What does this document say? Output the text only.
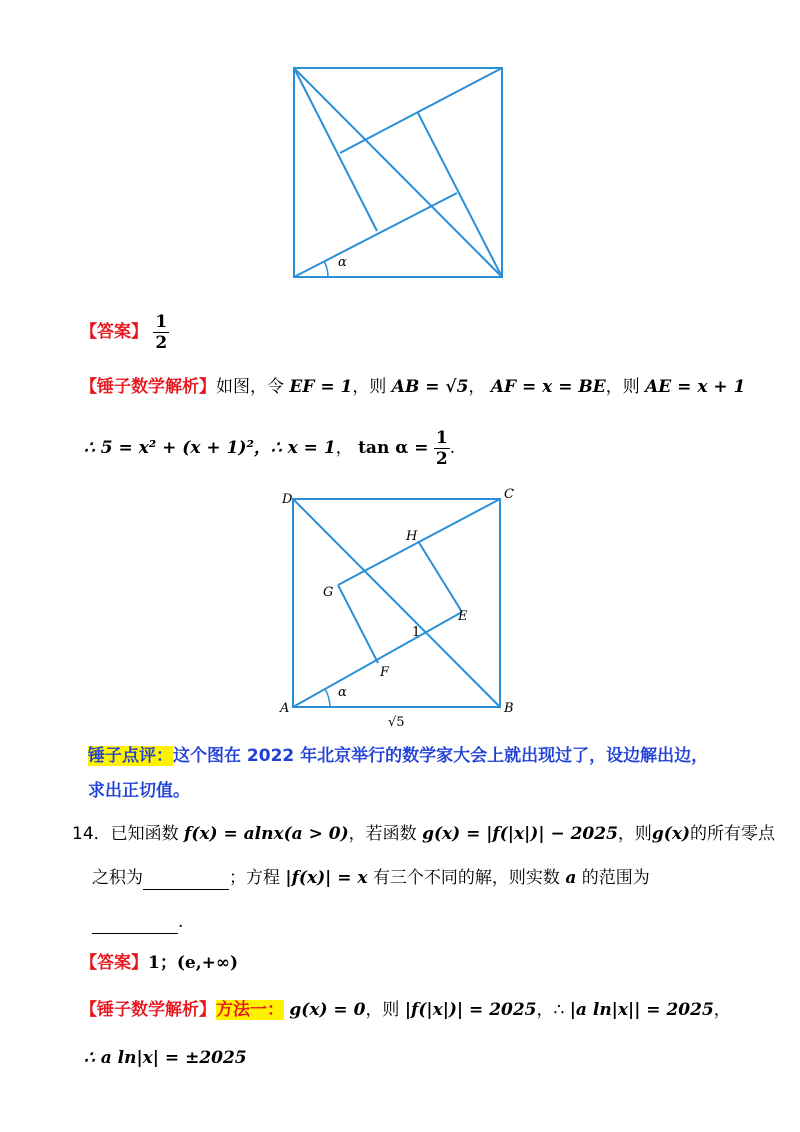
α
【答案】 $\frac{1}{2}$
【锤子数学解析】如图，令 EF = 1，则 AB = √5， AF = x = BE，则 AE = x + 1
∴ 5 = x² + (x + 1)²，∴ x = 1， $\tan \alpha = \frac{1}{2}$ .
D	C
H
G
E
1
F
A	B
α
√5
锤子点评：这个图在 2022 年北京举行的数学家大会上就出现过了，设边解出边，
求出正切值。
14．已知函数 f(x) = alnx(a > 0)，若函数 g(x) = |f(|x|)| − 2025，则g(x)的所有零点
之积为	；方程 |f(x)| = x 有三个不同的解，则实数 a 的范围为
.
【答案】1；(e,+∞)
【锤子数学解析】方法一： g(x) = 0，则 |f(|x|)| = 2025，∴ |a ln|x|| = 2025，
∴ a ln|x| = ±2025
